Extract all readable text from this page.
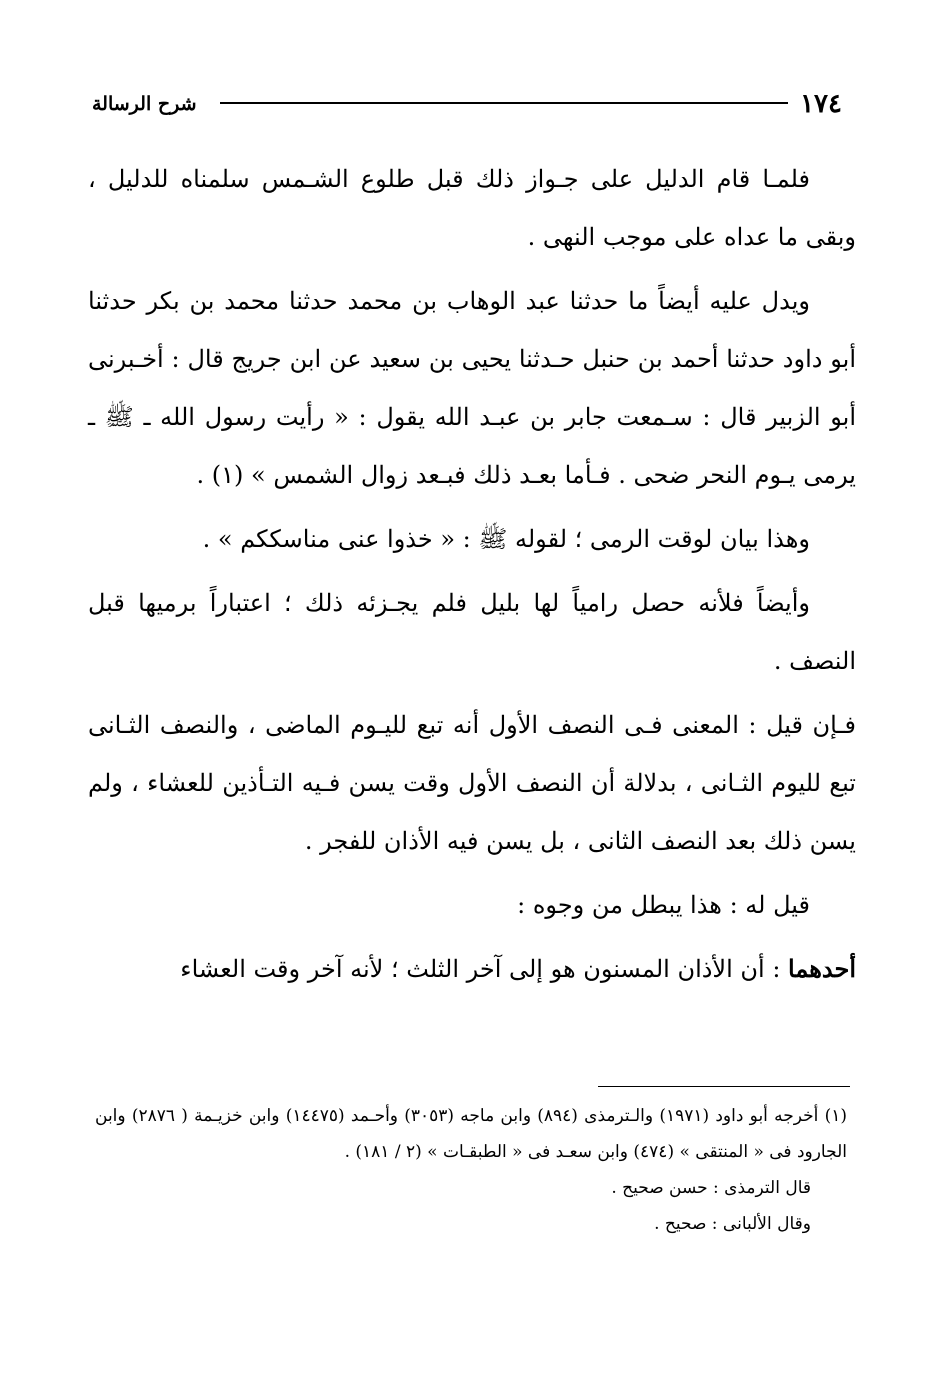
١٧٤
شرح الرسالة

فلمـا قام الدليل على جـواز ذلك قبل طلوع الشـمس سلمناه للدليل ، وبقى ما عداه على موجب النهى .

ويدل عليه أيضاً ما حدثنا عبد الوهاب بن محمد حدثنا محمد بن بكر حدثنا أبو داود حدثنا أحمد بن حنبل حـدثنا يحيى بن سعيد عن ابن جريج قال : أخـبرنى أبو الزبير قال : سـمعت جابر بن عبـد الله يقول : « رأيت رسول الله ـ ﷺ ـ يرمى يـوم النحر ضحى . فـأما بعـد ذلك فبـعد زوال الشمس » (١) .

وهذا بيان لوقت الرمى ؛ لقوله ﷺ : « خذوا عنى مناسككم » .

وأيضاً فلأنه حصل رامياً لها بليل فلم يجـزئه ذلك ؛ اعتباراً برميها قبل النصف .

فـإن قيل : المعنى فـى النصف الأول أنه تبع لليـوم الماضى ، والنصف الثـانى تبع لليوم الثـانى ، بدلالة أن النصف الأول وقت يسن فـيه التـأذين للعشاء ، ولم يسن ذلك بعد النصف الثانى ، بل يسن فيه الأذان للفجر .

قيل له : هذا يبطل من وجوه :

أحدهما : أن الأذان المسنون هو إلى آخر الثلث ؛ لأنه آخر وقت العشاء

(١) أخرجه أبو داود (١٩٧١) والـترمذى (٨٩٤) وابن ماجه (٣٠٥٣) وأحـمد (١٤٤٧٥) وابن خزيـمة ( ٢٨٧٦) وابن الجارود فى « المنتقى » (٤٧٤) وابن سعـد فى « الطبقـات » (٢ / ١٨١) .

قال الترمذى : حسن صحيح .

وقال الألبانى : صحيح .
